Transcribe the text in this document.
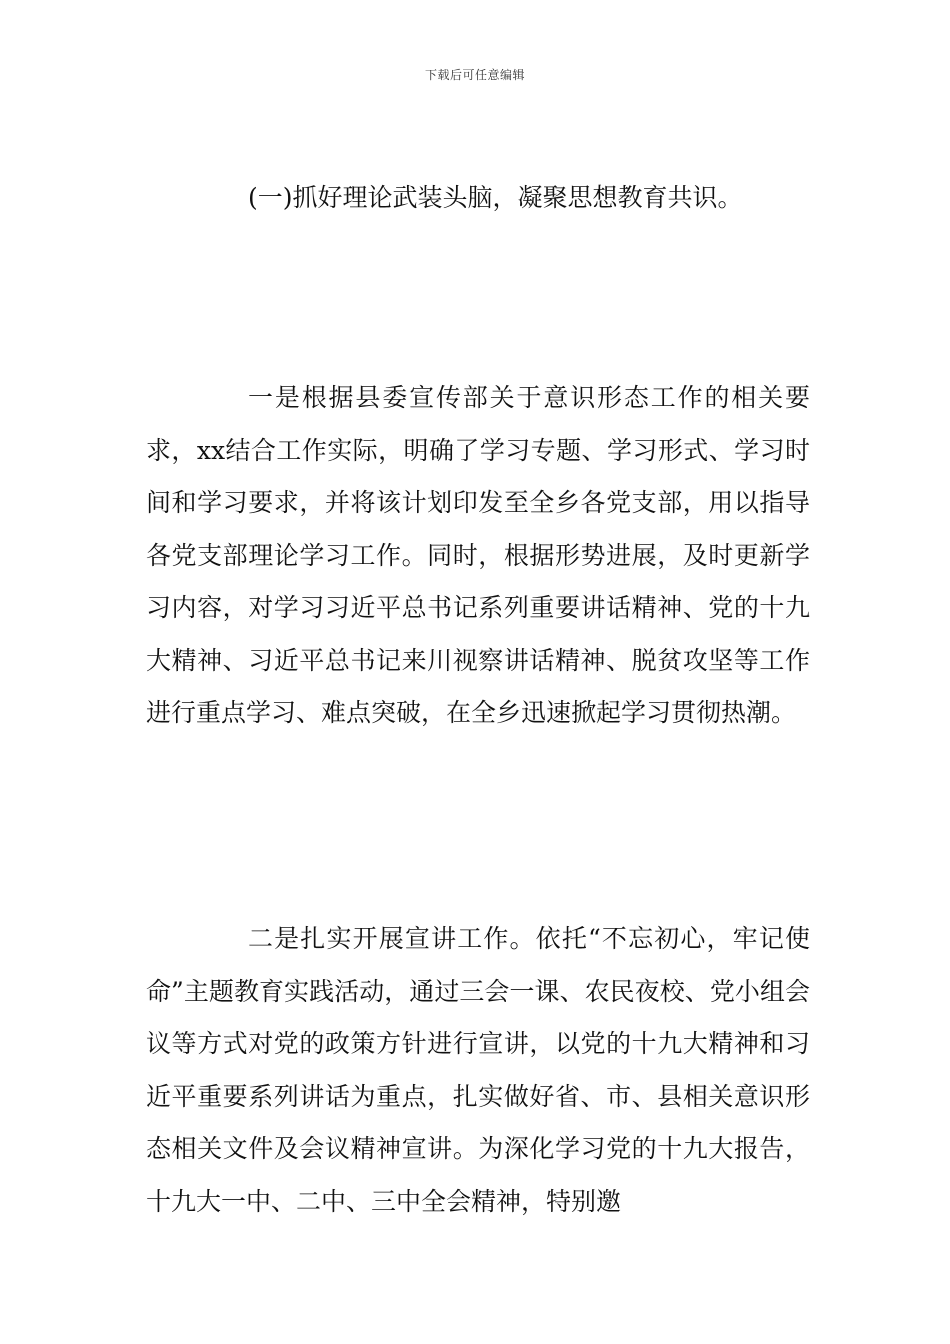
下载后可任意编辑
(一)抓好理论武装头脑，凝聚思想教育共识。

一是根据县委宣传部关于意识形态工作的相关要求，xx结合工作实际，明确了学习专题、学习形式、学习时间和学习要求，并将该计划印发至全乡各党支部，用以指导各党支部理论学习工作。同时，根据形势进展，及时更新学习内容，对学习习近平总书记系列重要讲话精神、党的十九大精神、习近平总书记来川视察讲话精神、脱贫攻坚等工作进行重点学习、难点突破，在全乡迅速掀起学习贯彻热潮。

二是扎实开展宣讲工作。依托“不忘初心，牢记使命”主题教育实践活动，通过三会一课、农民夜校、党小组会议等方式对党的政策方针进行宣讲，以党的十九大精神和习近平重要系列讲话为重点，扎实做好省、市、县相关意识形态相关文件及会议精神宣讲。为深化学习党的十九大报告，十九大一中、二中、三中全会精神，特别邀
